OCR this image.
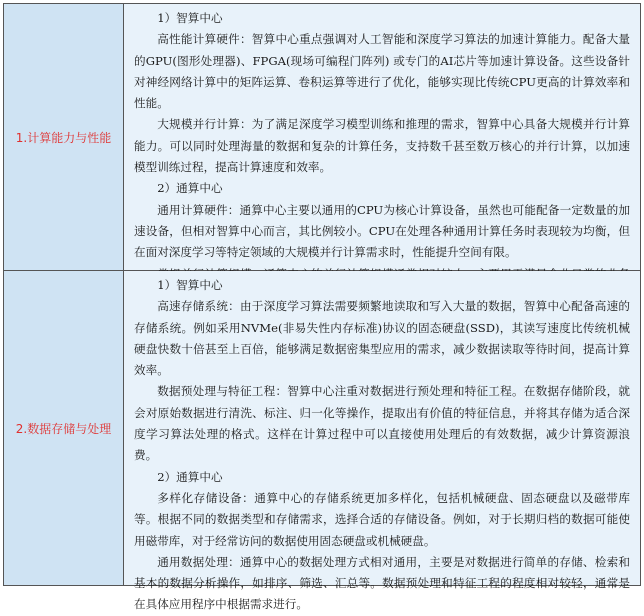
1.计算能力与性能

1）智算中心

高性能计算硬件：智算中心重点强调对人工智能和深度学习算法的加速计算能力。配备大量的GPU(图形处理器)、FPGA(现场可编程门阵列) 或专门的AI芯片等加速计算设备。这些设备针对神经网络计算中的矩阵运算、卷积运算等进行了优化，能够实现比传统CPU更高的计算效率和性能。

大规模并行计算：为了满足深度学习模型训练和推理的需求，智算中心具备大规模并行计算能力。可以同时处理海量的数据和复杂的计算任务，支持数千甚至数万核心的并行计算，以加速模型训练过程，提高计算速度和效率。

2）通算中心

通用计算硬件：通算中心主要以通用的CPU为核心计算设备，虽然也可能配备一定数量的加速设备，但相对智算中心而言，其比例较小。CPU在处理各种通用计算任务时表现较为均衡，但在面对深度学习等特定领域的大规模并行计算需求时，性能提升空间有限。

2.数据存储与处理

1）智算中心

高速存储系统：由于深度学习算法需要频繁地读取和写入大量的数据，智算中心配备高速的存储系统。例如采用NVMe(非易失性内存标准)协议的固态硬盘(SSD)，其读写速度比传统机械硬盘快数十倍甚至上百倍，能够满足数据密集型应用的需求，减少数据读取等待时间，提高计算效率。

数据预处理与特征工程：智算中心注重对数据进行预处理和特征工程。在数据存储阶段，就会对原始数据进行清洗、标注、归一化等操作，提取出有价值的特征信息，并将其存储为适合深度学习算法处理的格式。这样在计算过程中可以直接使用处理后的有效数据，减少计算资源浪费。

2）通算中心

多样化存储设备：通算中心的存储系统更加多样化，包括机械硬盘、固态硬盘以及磁带库等。根据不同的数据类型和存储需求，选择合适的存储设备。例如，对于长期归档的数据可能使用磁带库，对于经常访问的数据使用固态硬盘或机械硬盘。

通用数据处理：通算中心的数据处理方式相对通用，主要是对数据进行简单的存储、检索和基本的数据分析操作，如排序、筛选、汇总等。数据预处理和特征工程的程度相对较轻，通常是在具体应用程序中根据需求进行。
